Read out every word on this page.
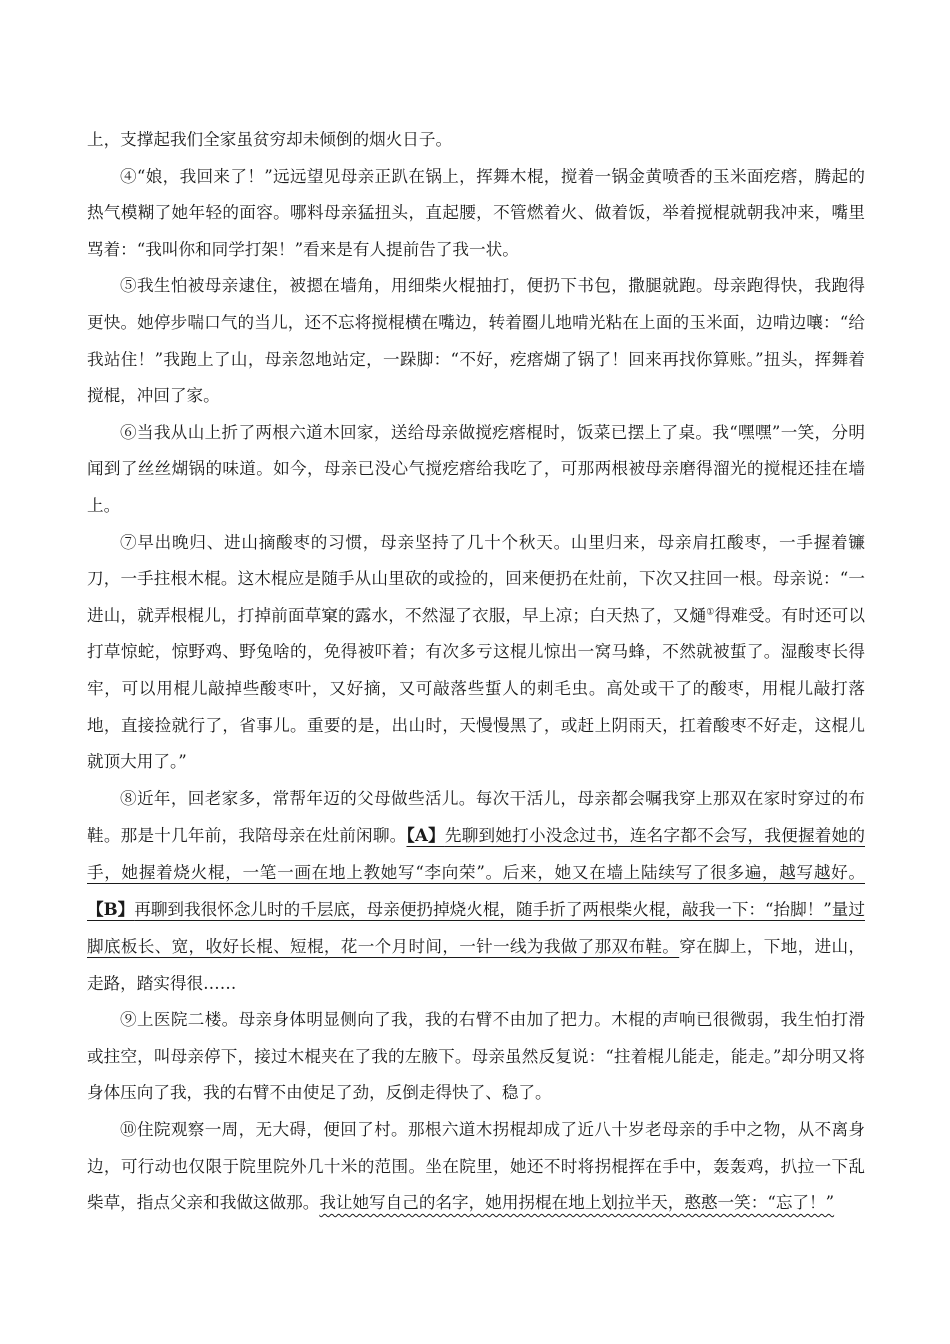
上，支撑起我们全家虽贫穷却未倾倒的烟火日子。

④“娘，我回来了！”远远望见母亲正趴在锅上，挥舞木棍，搅着一锅金黄喷香的玉米面疙瘩，腾起的热气模糊了她年轻的面容。哪料母亲猛扭头，直起腰，不管燃着火、做着饭，举着搅棍就朝我冲来，嘴里骂着：“我叫你和同学打架！”看来是有人提前告了我一状。

⑤我生怕被母亲逮住，被摁在墙角，用细柴火棍抽打，便扔下书包，撒腿就跑。母亲跑得快，我跑得更快。她停步喘口气的当儿，还不忘将搅棍横在嘴边，转着圈儿地啃光粘在上面的玉米面，边啃边嚷：“给我站住！”我跑上了山，母亲忽地站定，一跺脚：“不好，疙瘩煳了锅了！回来再找你算账。”扭头，挥舞着搅棍，冲回了家。

⑥当我从山上折了两根六道木回家，送给母亲做搅疙瘩棍时，饭菜已摆上了桌。我“嘿嘿”一笑，分明闻到了丝丝煳锅的味道。如今，母亲已没心气搅疙瘩给我吃了，可那两根被母亲磨得溜光的搅棍还挂在墙上。

⑦早出晚归、进山摘酸枣的习惯，母亲坚持了几十个秋天。山里归来，母亲肩扛酸枣，一手握着镰刀，一手拄根木棍。这木棍应是随手从山里砍的或捡的，回来便扔在灶前，下次又拄回一根。母亲说：“一进山，就弄根棍儿，打掉前面草窠的露水，不然湿了衣服，早上凉；白天热了，又熥①得难受。有时还可以打草惊蛇，惊野鸡、野兔啥的，免得被吓着；有次多亏这棍儿惊出一窝马蜂，不然就被蜇了。湿酸枣长得牢，可以用棍儿敲掉些酸枣叶，又好摘，又可敲落些蜇人的刺毛虫。高处或干了的酸枣，用棍儿敲打落地，直接捡就行了，省事儿。重要的是，出山时，天慢慢黑了，或赶上阴雨天，扛着酸枣不好走，这棍儿就顶大用了。”

⑧近年，回老家多，常帮年迈的父母做些活儿。每次干活儿，母亲都会嘱我穿上那双在家时穿过的布鞋。那是十几年前，我陪母亲在灶前闲聊。【A】先聊到她打小没念过书，连名字都不会写，我便握着她的手，她握着烧火棍，一笔一画在地上教她写“李向荣”。后来，她又在墙上陆续写了很多遍，越写越好。【B】再聊到我很怀念儿时的千层底，母亲便扔掉烧火棍，随手折了两根柴火棍，敲我一下：“抬脚！”量过脚底板长、宽，收好长棍、短棍，花一个月时间，一针一线为我做了那双布鞋。穿在脚上，下地，进山，走路，踏实得很……

⑨上医院二楼。母亲身体明显侧向了我，我的右臂不由加了把力。木棍的声响已很微弱，我生怕打滑或拄空，叫母亲停下，接过木棍夹在了我的左腋下。母亲虽然反复说：“拄着棍儿能走，能走。”却分明又将身体压向了我，我的右臂不由使足了劲，反倒走得快了、稳了。

⑩住院观察一周，无大碍，便回了村。那根六道木拐棍却成了近八十岁老母亲的手中之物，从不离身边，可行动也仅限于院里院外几十米的范围。坐在院里，她还不时将拐棍挥在手中，轰轰鸡，扒拉一下乱柴草，指点父亲和我做这做那。我让她写自己的名字，她用拐棍在地上划拉半天，憨憨一笑：“忘了！”
